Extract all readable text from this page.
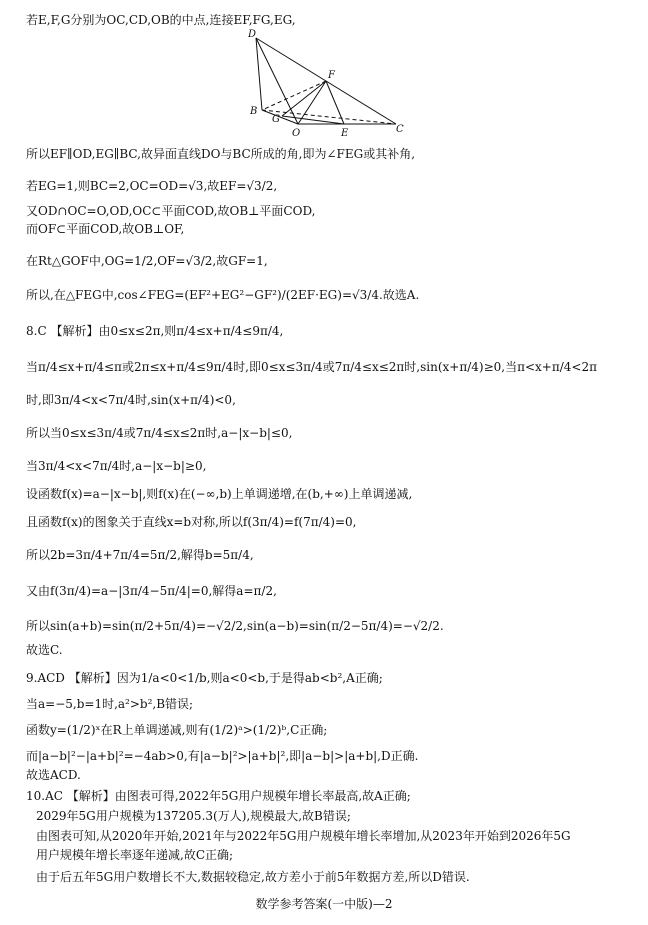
D
F
B
G
O	E	C
若E,F,G分别为OC,CD,OB的中点,连接EF,FG,EG,
所以EF∥OD,EG∥BC,故异面直线DO与BC所成的角,即为∠FEG或其补角,
若EG=1,则BC=2,OC=OD=√3,故EF=√3/2,
又OD∩OC=O,OD,OC⊂平面COD,故OB⊥平面COD,
而OF⊂平面COD,故OB⊥OF,
在Rt△GOF中,OG=1/2,OF=√3/2,故GF=1,
所以,在△FEG中,cos∠FEG=(EF²+EG²−GF²)/(2EF·EG)=√3/4.故选A.
8.C 【解析】由0≤x≤2π,则π/4≤x+π/4≤9π/4,
当π/4≤x+π/4≤π或2π≤x+π/4≤9π/4时,即0≤x≤3π/4或7π/4≤x≤2π时,sin(x+π/4)≥0,当π<x+π/4<2π
时,即3π/4<x<7π/4时,sin(x+π/4)<0,
所以当0≤x≤3π/4或7π/4≤x≤2π时,a−|x−b|≤0,
当3π/4<x<7π/4时,a−|x−b|≥0,
设函数f(x)=a−|x−b|,则f(x)在(−∞,b)上单调递增,在(b,+∞)上单调递减,
且函数f(x)的图象关于直线x=b对称,所以f(3π/4)=f(7π/4)=0,
所以2b=3π/4+7π/4=5π/2,解得b=5π/4,
又由f(3π/4)=a−|3π/4−5π/4|=0,解得a=π/2,
所以sin(a+b)=sin(π/2+5π/4)=−√2/2,sin(a−b)=sin(π/2−5π/4)=−√2/2.
故选C.
9.ACD 【解析】因为1/a<0<1/b,则a<0<b,于是得ab<b²,A正确;
当a=−5,b=1时,a²>b²,B错误;
函数y=(1/2)ˣ在R上单调递减,则有(1/2)ᵃ>(1/2)ᵇ,C正确;
而|a−b|²−|a+b|²=−4ab>0,有|a−b|²>|a+b|²,即|a−b|>|a+b|,D正确.
故选ACD.
10.AC 【解析】由图表可得,2022年5G用户规模年增长率最高,故A正确;
2029年5G用户规模为137205.3(万人),规模最大,故B错误;
由图表可知,从2020年开始,2021年与2022年5G用户规模年增长率增加,从2023年开始到2026年5G
用户规模年增长率逐年递减,故C正确;
由于后五年5G用户数增长不大,数据较稳定,故方差小于前5年数据方差,所以D错误.
数学参考答案(一中版)—2
